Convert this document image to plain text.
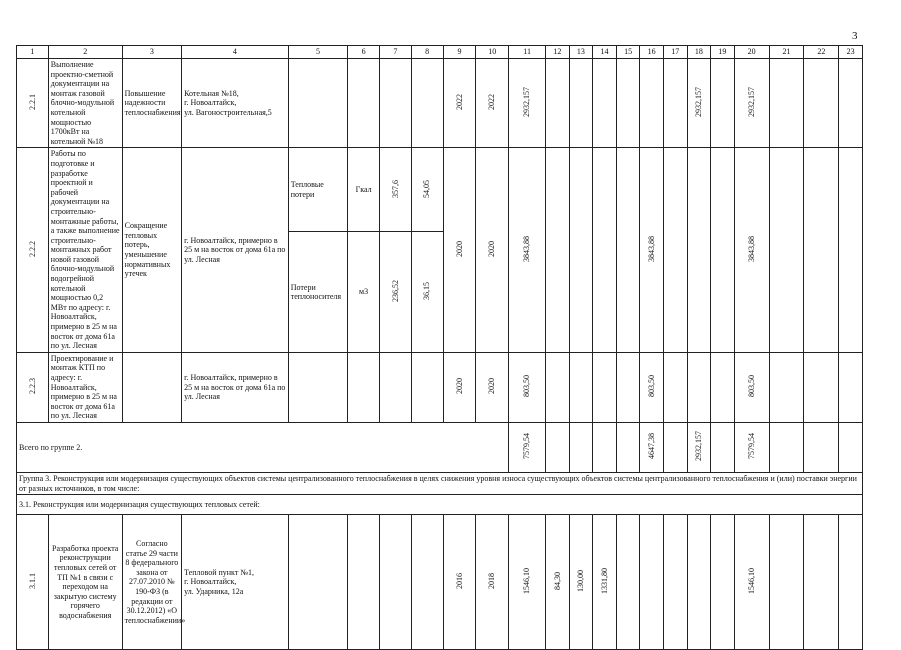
3
1	2	3	4	5	6	7	8	9	10	11	12	13	14	15	16	17	18	19	20	21	22	23
2.2.1	Выполнение проектно-сметной документации на монтаж газовой блочно-модульной котельной мощностью 1700кВт на котельной №18	Повышение надежности теплоснабжения	Котельная №18,
г. Новоалтайск,
ул. Вагоностроительная,5					2022	2022	2932,157							2932,157		2932,157			
2.2.2	Работы по подготовке и разработке проектной и рабочей документации на строительно-монтажные работы, а также выполнение строительно-монтажных работ новой газовой блочно-модульной водогрейной котельной мощностью 0,2 МВт по адресу: г. Новоалтайск, примерно в 25 м на восток от дома 61а по ул. Лесная	Сокращение тепловых потерь, уменьшение нормативных утечек	г. Новоалтайск, примерно в 25 м на восток от дома 61а по ул. Лесная	Тепловые потери	Гкал	357,6	54,05	2020	2020	3843,88					3843,88				3843,88			
				Потери теплоносителя	м3	236,52	36,15															
2.2.3	Проектирование и монтаж КТП по адресу: г. Новоалтайск, примерно в 25 м на восток от дома 61а по ул. Лесная		г. Новоалтайск, примерно в 25 м на восток от дома 61а по ул. Лесная					2020	2020	803,50					803,50				803,50			
Всего по группе 2.										7579,54					4647,38		2932,157		7579,54			
Группа 3. Реконструкция или модернизация существующих объектов системы централизованного теплоснабжения в целях снижения уровня износа существующих объектов системы централизованного теплоснабжения и (или) поставки энергии от разных источников, в том числе:																						
3.1. Реконструкция или модернизация существующих тепловых сетей:																						
3.1.1	Разработка проекта реконструкции тепловых сетей от ТП №1 в связи с переходом на закрытую систему горячего водоснабжения	Согласно статье 29 части 8 федерального закона от 27.07.2010 № 190-ФЗ (в редакции от 30.12.2012) «О теплоснабжении»	Тепловой пункт №1,
г. Новоалтайск,
ул. Ударника, 12а					2016	2018	1546,10	84,30	130,00	1331,80						1546,10			
